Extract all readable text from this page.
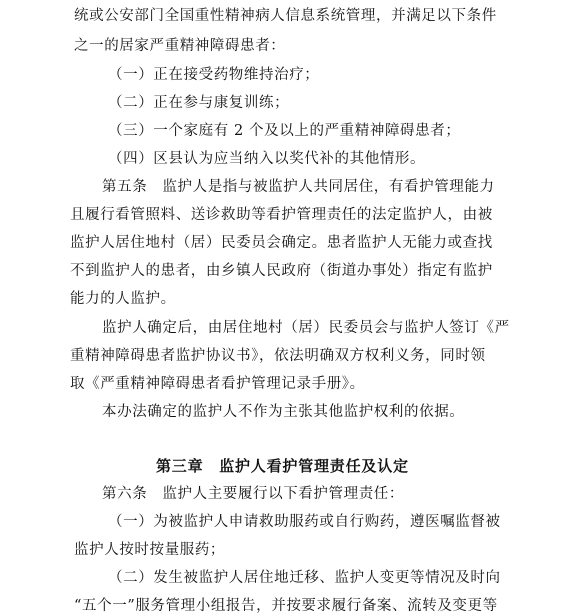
统或公安部门全国重性精神病人信息系统管理，并满足以下条件
之一的居家严重精神障碍患者：
（一）正在接受药物维持治疗；
（二）正在参与康复训练；
（三）一个家庭有 2 个及以上的严重精神障碍患者；
（四）区县认为应当纳入以奖代补的其他情形。
第五条　监护人是指与被监护人共同居住，有看护管理能力
且履行看管照料、送诊救助等看护管理责任的法定监护人，由被
监护人居住地村（居）民委员会确定。患者监护人无能力或查找
不到监护人的患者，由乡镇人民政府（街道办事处）指定有监护
能力的人监护。
监护人确定后，由居住地村（居）民委员会与监护人签订《严
重精神障碍患者监护协议书》，依法明确双方权利义务，同时领
取《严重精神障碍患者看护管理记录手册》。
本办法确定的监护人不作为主张其他监护权利的依据。
第三章　监护人看护管理责任及认定
第六条　监护人主要履行以下看护管理责任：
（一）为被监护人申请救助服药或自行购药，遵医嘱监督被
监护人按时按量服药；
（二）发生被监护人居住地迁移、监护人变更等情况及时向
“五个一”服务管理小组报告，并按要求履行备案、流转及变更等
